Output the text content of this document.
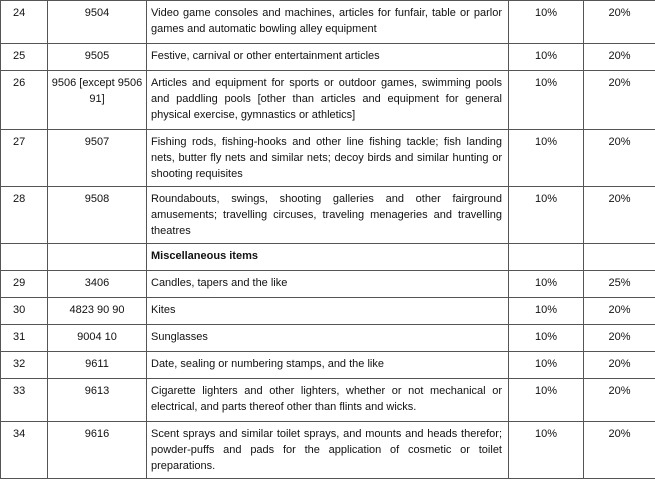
24	9504	Video game consoles and machines, articles for funfair, table or parlor games and automatic bowling alley equipment	10%	20%
25	9505	Festive, carnival or other entertainment articles	10%	20%
26	9506 [except 9506 91]	Articles and equipment for sports or outdoor games, swimming pools and paddling pools [other than articles and equipment for general physical exercise, gymnastics or athletics]	10%	20%
27	9507	Fishing rods, fishing-hooks and other line fishing tackle; fish landing nets, butter fly nets and similar nets; decoy birds and similar hunting or shooting requisites	10%	20%
28	9508	Roundabouts, swings, shooting galleries and other fairground amusements; travelling circuses, traveling menageries and travelling theatres	10%	20%
		Miscellaneous items		
29	3406	Candles, tapers and the like	10%	25%
30	4823 90 90	Kites	10%	20%
31	9004 10	Sunglasses	10%	20%
32	9611	Date, sealing or numbering stamps, and the like	10%	20%
33	9613	Cigarette lighters and other lighters, whether or not mechanical or electrical, and parts thereof other than flints and wicks.	10%	20%
34	9616	Scent sprays and similar toilet sprays, and mounts and heads therefor; powder-puffs and pads for the application of cosmetic or toilet preparations.	10%	20%
